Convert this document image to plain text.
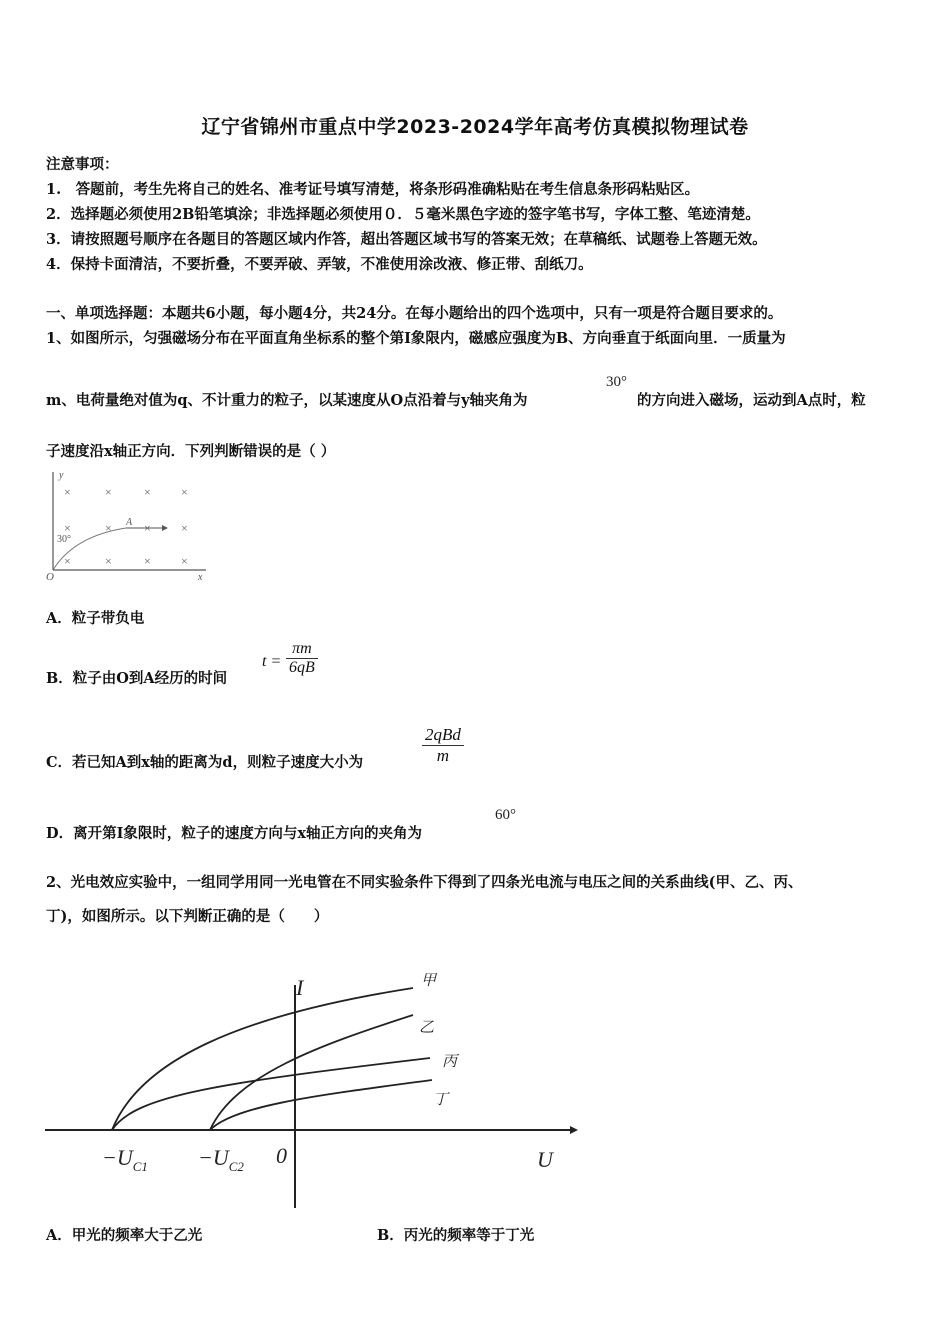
辽宁省锦州市重点中学2023-2024学年高考仿真模拟物理试卷
注意事项：
1.　答题前，考生先将自己的姓名、准考证号填写清楚，将条形码准确粘贴在考生信息条形码粘贴区。
2．选择题必须使用2B铅笔填涂；非选择题必须使用０．５毫米黑色字迹的签字笔书写，字体工整、笔迹清楚。
3．请按照题号顺序在各题目的答题区域内作答，超出答题区域书写的答案无效；在草稿纸、试题卷上答题无效。
4．保持卡面清洁，不要折叠，不要弄破、弄皱，不准使用涂改液、修正带、刮纸刀。
一、单项选择题：本题共6小题，每小题4分，共24分。在每小题给出的四个选项中，只有一项是符合题目要求的。
1、如图所示，匀强磁场分布在平面直角坐标系的整个第Ⅰ象限内，磁感应强度为B、方向垂直于纸面向里．一质量为
m、电荷量绝对值为q、不计重力的粒子，以某速度从O点沿着与y轴夹角为
30°
的方向进入磁场，运动到A点时，粒
子速度沿x轴正方向．下列判断错误的是（ ）
y
x
O
×	×	×	×
×	×	×	×
×	×	×	×
A
30°
A．粒子带负电
B．粒子由O到A经历的时间
$t = \frac{\pi m}{6qB}$
C．若已知A到x轴的距离为d，则粒子速度大小为
2qBd
m
D．离开第Ⅰ象限时，粒子的速度方向与x轴正方向的夹角为
60°
2、光电效应实验中，一组同学用同一光电管在不同实验条件下得到了四条光电流与电压之间的关系曲线(甲、乙、丙、
丁)，如图所示。以下判断正确的是（　　）
I
U
0
$-U_{C1} -U_{C2}$
甲
乙
丙
丁
A．甲光的频率大于乙光	B．丙光的频率等于丁光
